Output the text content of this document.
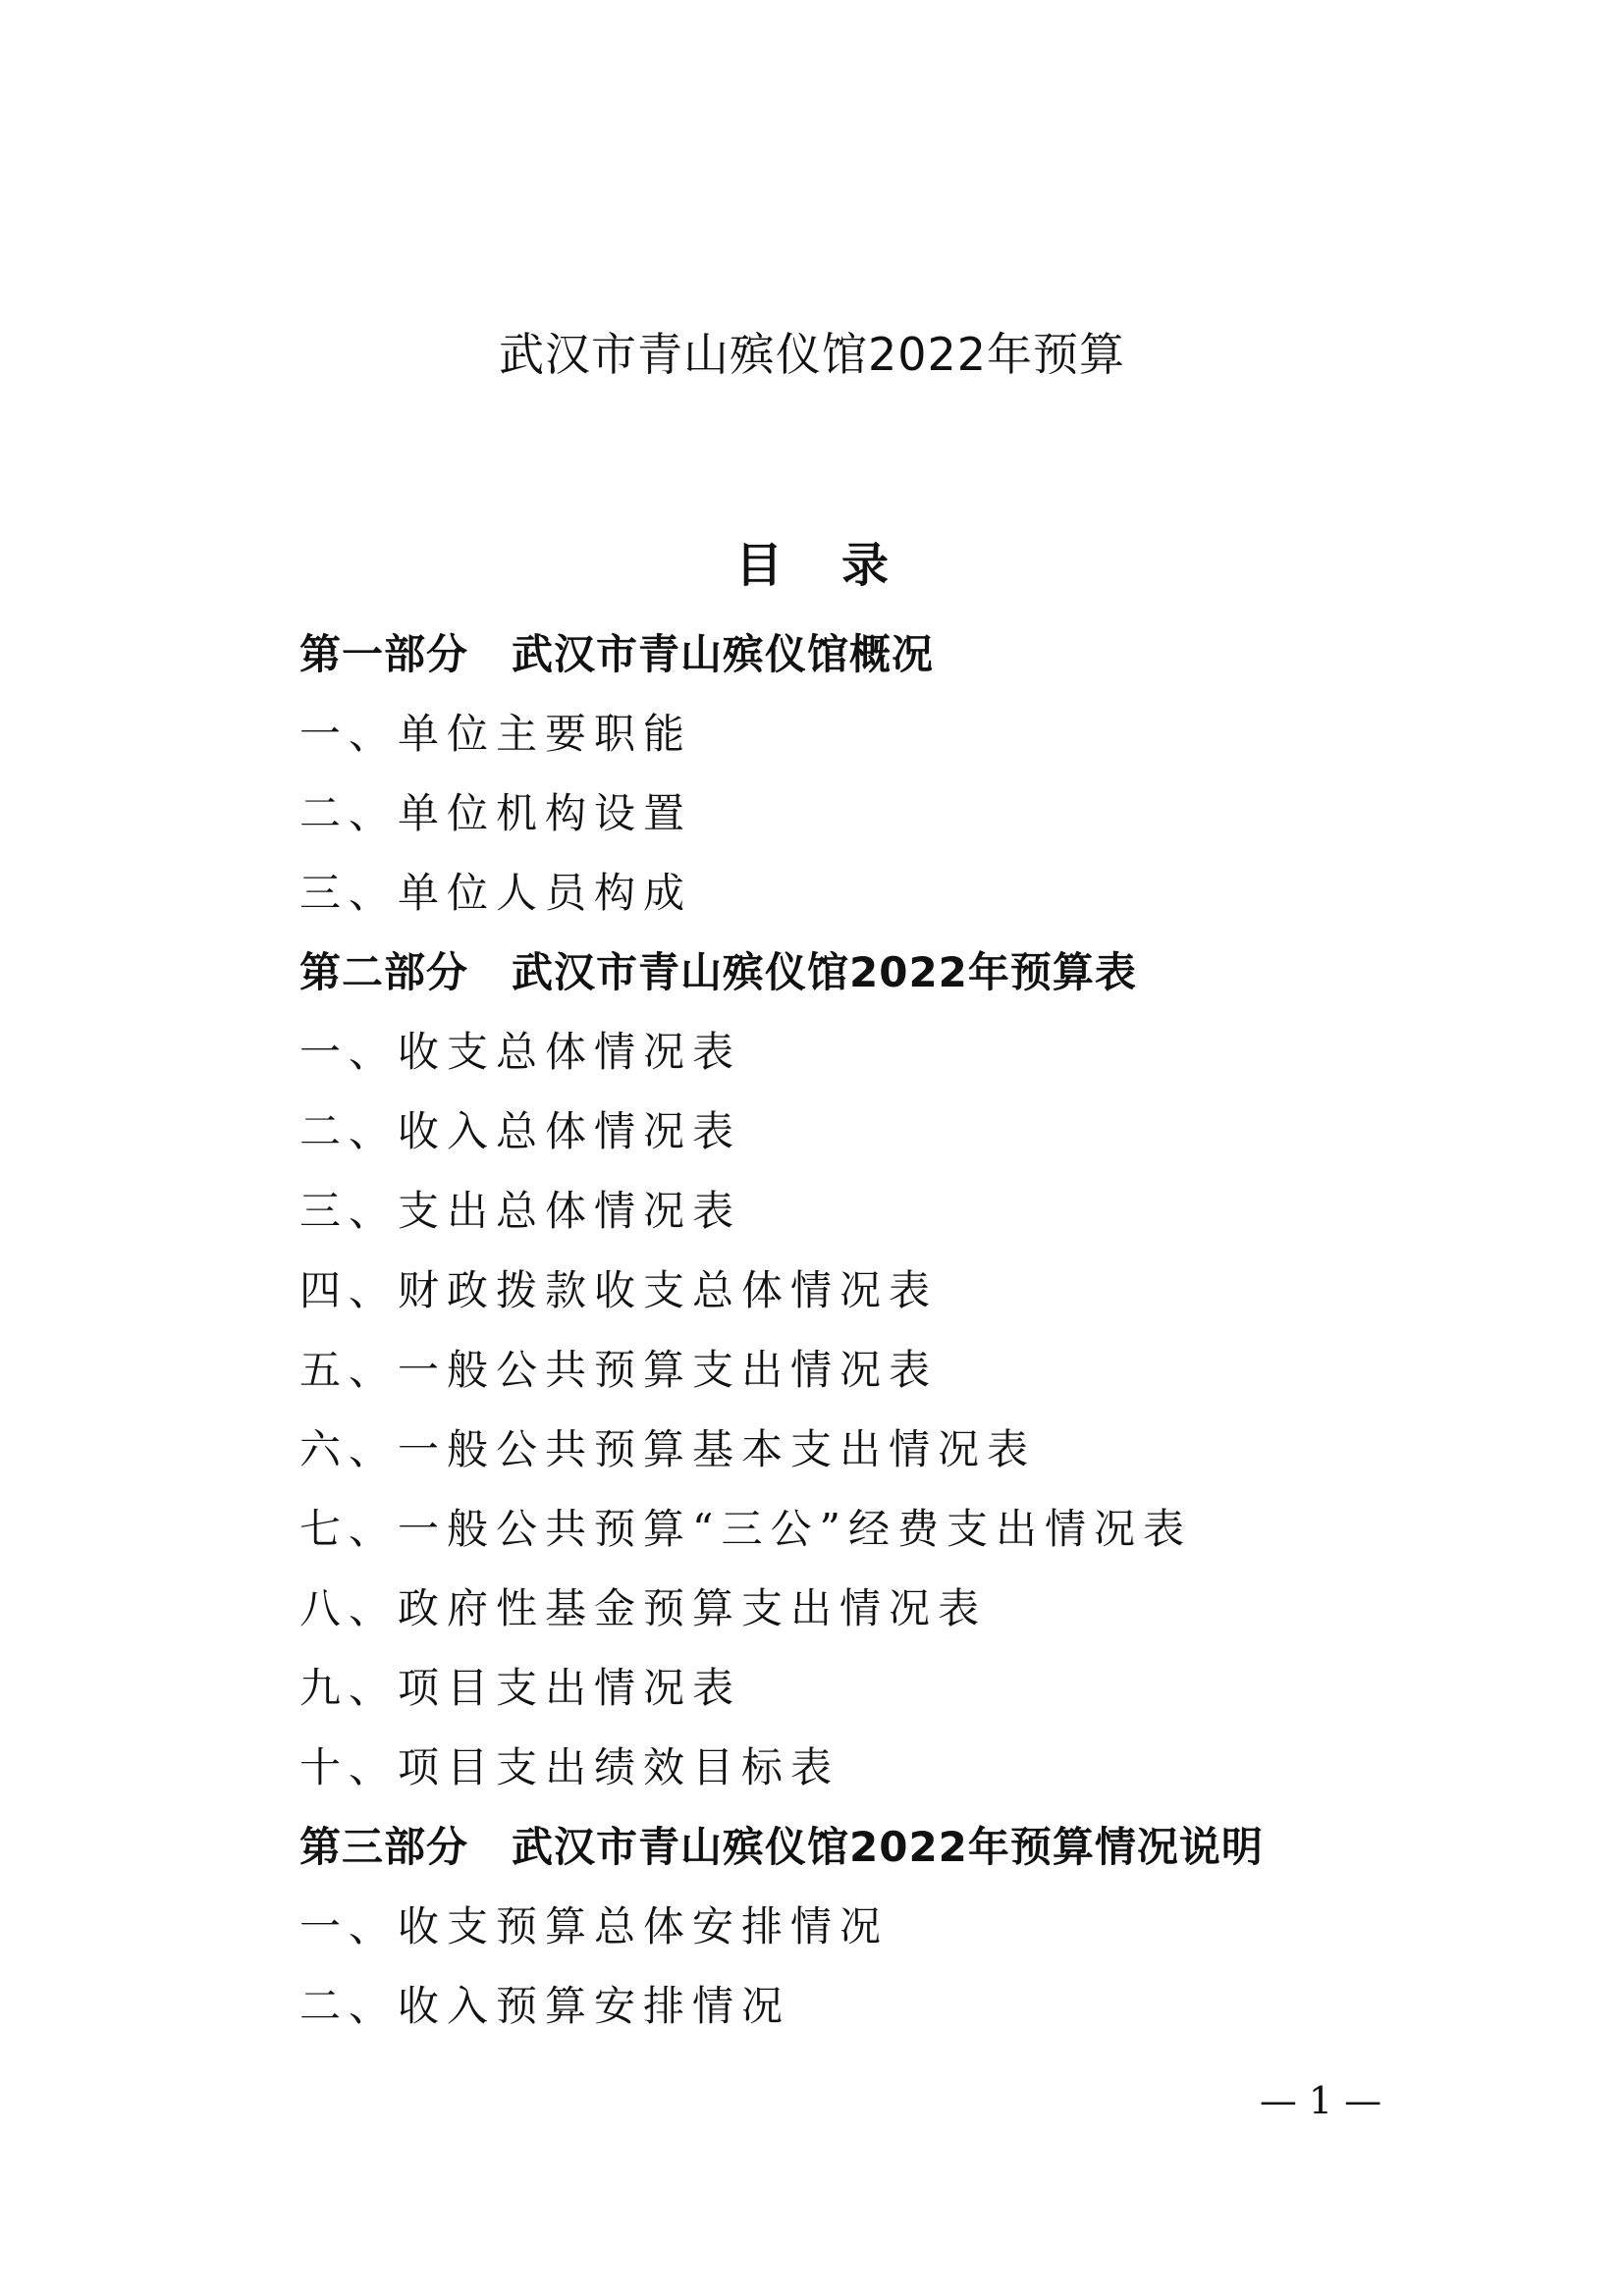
武汉市青山殡仪馆2022年预算
目 录
第一部分 武汉市青山殡仪馆概况
一、单位主要职能
二、单位机构设置
三、单位人员构成
第二部分 武汉市青山殡仪馆2022年预算表
一、收支总体情况表
二、收入总体情况表
三、支出总体情况表
四、财政拨款收支总体情况表
五、一般公共预算支出情况表
六、一般公共预算基本支出情况表
七、一般公共预算“三公”经费支出情况表
八、政府性基金预算支出情况表
九、项目支出情况表
十、项目支出绩效目标表
第三部分 武汉市青山殡仪馆2022年预算情况说明
一、收支预算总体安排情况
二、收入预算安排情况
— 1 —
